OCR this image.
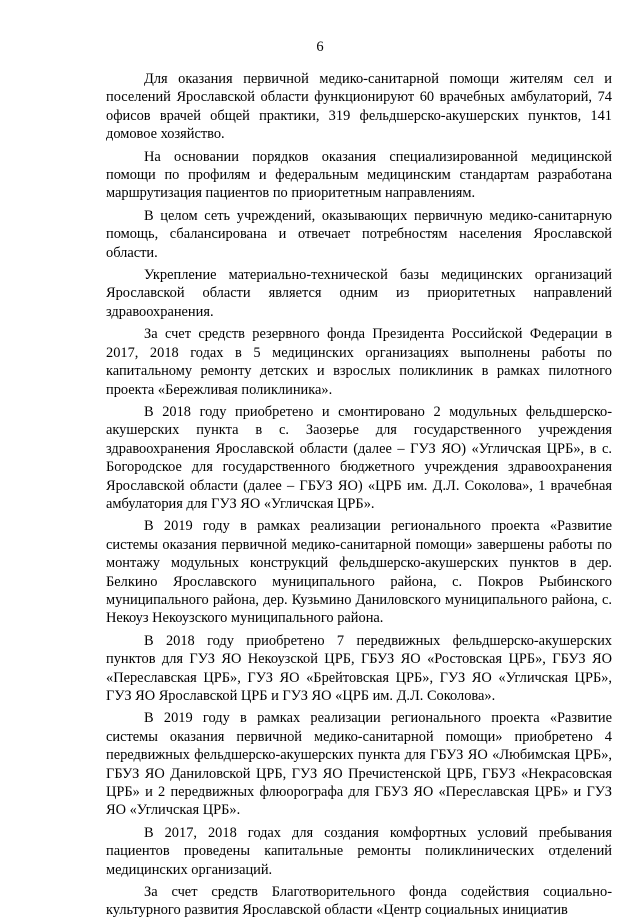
6

Для оказания первичной медико-санитарной помощи жителям сел и поселений Ярославской области функционируют 60 врачебных амбулаторий, 74 офисов врачей общей практики, 319 фельдшерско-акушерских пунктов, 141 домовое хозяйство.

На основании порядков оказания специализированной медицинской помощи по профилям и федеральным медицинским стандартам разработана маршрутизация пациентов по приоритетным направлениям.

В целом сеть учреждений, оказывающих первичную медико-санитарную помощь, сбалансирована и отвечает потребностям населения Ярославской области.

Укрепление материально-технической базы медицинских организаций Ярославской области является одним из приоритетных направлений здравоохранения.

За счет средств резервного фонда Президента Российской Федерации в 2017, 2018 годах в 5 медицинских организациях выполнены работы по капитальному ремонту детских и взрослых поликлиник в рамках пилотного проекта «Бережливая поликлиника».

В 2018 году приобретено и смонтировано 2 модульных фельдшерско-акушерских пункта в с. Заозерье для государственного учреждения здравоохранения Ярославской области (далее – ГУЗ ЯО) «Угличская ЦРБ», в с. Богородское для государственного бюджетного учреждения здравоохранения Ярославской области (далее – ГБУЗ ЯО) «ЦРБ им. Д.Л. Соколова», 1 врачебная амбулатория для ГУЗ ЯО «Угличская ЦРБ».

В 2019 году в рамках реализации регионального проекта «Развитие системы оказания первичной медико-санитарной помощи» завершены работы по монтажу модульных конструкций фельдшерско-акушерских пунктов в дер. Белкино Ярославского муниципального района, с. Покров Рыбинского муниципального района, дер. Кузьмино Даниловского муниципального района, с. Некоуз Некоузского муниципального района.

В 2018 году приобретено 7 передвижных фельдшерско-акушерских пунктов для ГУЗ ЯО Некоузской ЦРБ, ГБУЗ ЯО «Ростовская ЦРБ», ГБУЗ ЯО «Переславская ЦРБ», ГУЗ ЯО «Брейтовская ЦРБ», ГУЗ ЯО «Угличская ЦРБ», ГУЗ ЯО Ярославской ЦРБ и ГУЗ ЯО «ЦРБ им. Д.Л. Соколова».

В 2019 году в рамках реализации регионального проекта «Развитие системы оказания первичной медико-санитарной помощи» приобретено 4 передвижных фельдшерско-акушерских пункта для ГБУЗ ЯО «Любимская ЦРБ», ГБУЗ ЯО Даниловской ЦРБ, ГУЗ ЯО Пречистенской ЦРБ, ГБУЗ «Некрасовская ЦРБ» и 2 передвижных флюорографа для ГБУЗ ЯО «Переславская ЦРБ» и ГУЗ ЯО «Угличская ЦРБ».

В 2017, 2018 годах для создания комфортных условий пребывания пациентов проведены капитальные ремонты поликлинических отделений медицинских организаций.

За счет средств Благотворительного фонда содействия социально-культурного развития Ярославской области «Центр социальных инициатив
